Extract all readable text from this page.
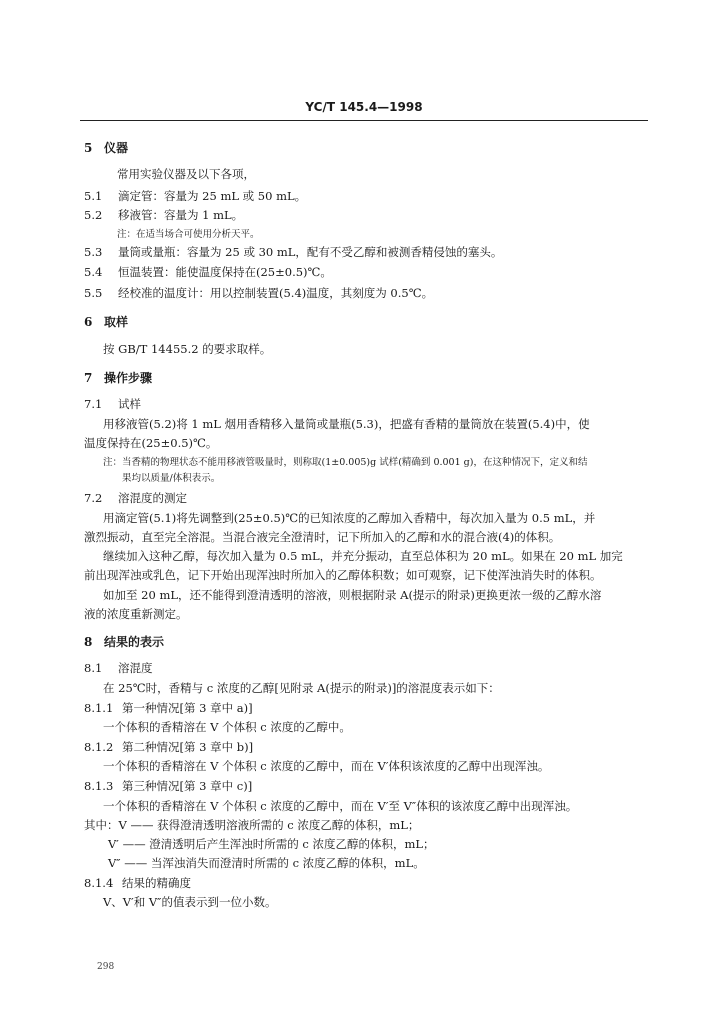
YC/T 145.4—1998
5 仪器
常用实验仪器及以下各项，
5.1 滴定管：容量为 25 mL 或 50 mL。
5.2 移液管：容量为 1 mL。
注：在适当场合可使用分析天平。
5.3 量筒或量瓶：容量为 25 或 30 mL，配有不受乙醇和被测香精侵蚀的塞头。
5.4 恒温装置：能使温度保持在(25±0.5)℃。
5.5 经校准的温度计：用以控制装置(5.4)温度，其刻度为 0.5℃。
6 取样
按 GB/T 14455.2 的要求取样。
7 操作步骤
7.1 试样
用移液管(5.2)将 1 mL 烟用香精移入量筒或量瓶(5.3)，把盛有香精的量筒放在装置(5.4)中，使
温度保持在(25±0.5)℃。
注：当香精的物理状态不能用移液管吸量时，则称取(1±0.005)g 试样(精确到 0.001 g)，在这种情况下，定义和结
果均以质量/体积表示。
7.2 溶混度的测定
用滴定管(5.1)将先调整到(25±0.5)℃的已知浓度的乙醇加入香精中，每次加入量为 0.5 mL，并
激烈振动，直至完全溶混。当混合液完全澄清时，记下所加入的乙醇和水的混合液(4)的体积。
继续加入这种乙醇，每次加入量为 0.5 mL，并充分振动，直至总体积为 20 mL。如果在 20 mL 加完
前出现浑浊或乳色，记下开始出现浑浊时所加入的乙醇体积数；如可观察，记下使浑浊消失时的体积。
如加至 20 mL，还不能得到澄清透明的溶液，则根据附录 A(提示的附录)更换更浓一级的乙醇水溶
液的浓度重新测定。
8 结果的表示
8.1 溶混度
在 25℃时，香精与 c 浓度的乙醇[见附录 A(提示的附录)]的溶混度表示如下：
8.1.1 第一种情况[第 3 章中 a)]
一个体积的香精溶在 V 个体积 c 浓度的乙醇中。
8.1.2 第二种情况[第 3 章中 b)]
一个体积的香精溶在 V 个体积 c 浓度的乙醇中，而在 V′体积该浓度的乙醇中出现浑浊。
8.1.3 第三种情况[第 3 章中 c)]
一个体积的香精溶在 V 个体积 c 浓度的乙醇中，而在 V′至 V″体积的该浓度乙醇中出现浑浊。
其中：V —— 获得澄清透明溶液所需的 c 浓度乙醇的体积，mL；
V′ —— 澄清透明后产生浑浊时所需的 c 浓度乙醇的体积，mL；
V″ —— 当浑浊消失而澄清时所需的 c 浓度乙醇的体积，mL。
8.1.4 结果的精确度
V、V′和 V″的值表示到一位小数。
298
